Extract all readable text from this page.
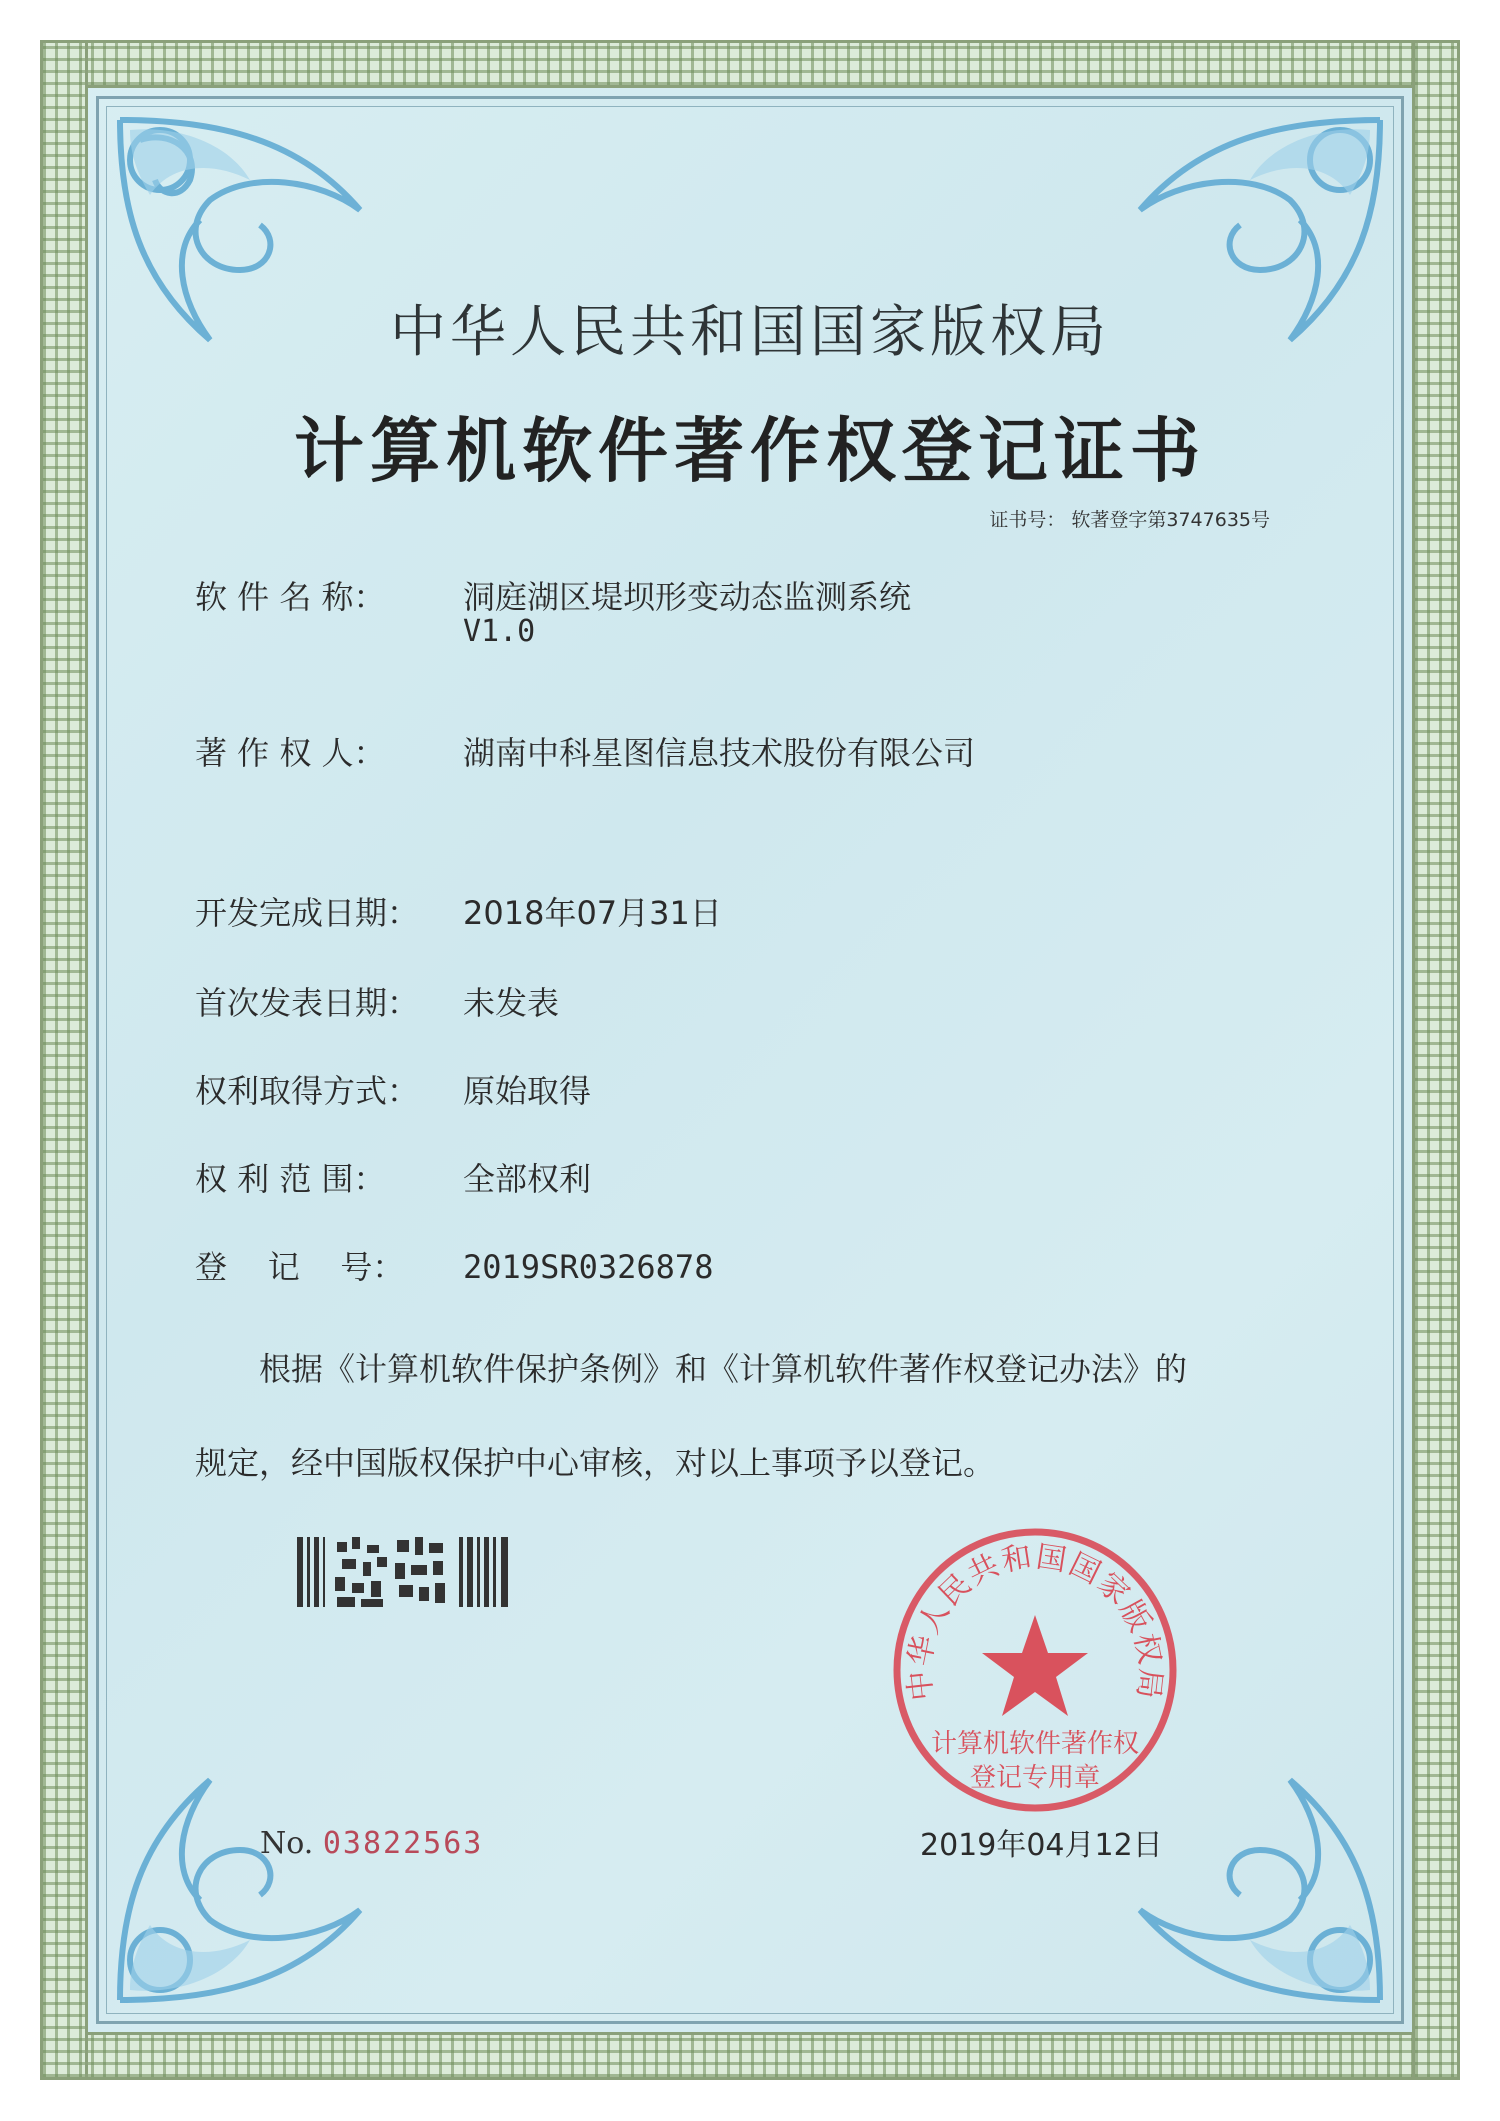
中华人民共和国国家版权局
计算机软件著作权登记证书
证书号： 软著登字第3747635号
软 件 名 称： 洞庭湖区堤坝形变动态监测系统
V1.0
著 作 权 人： 湖南中科星图信息技术股份有限公司
开发完成日期： 2018年07月31日
首次发表日期： 未发表
权利取得方式： 原始取得
权 利 范 围： 全部权利
登    记    号： 2019SR0326878
根据《计算机软件保护条例》和《计算机软件著作权登记办法》的
规定，经中国版权保护中心审核，对以上事项予以登记。
中华人民共和国国家版权局
计算机软件著作权
登记专用章
No. 03822563	2019年04月12日
